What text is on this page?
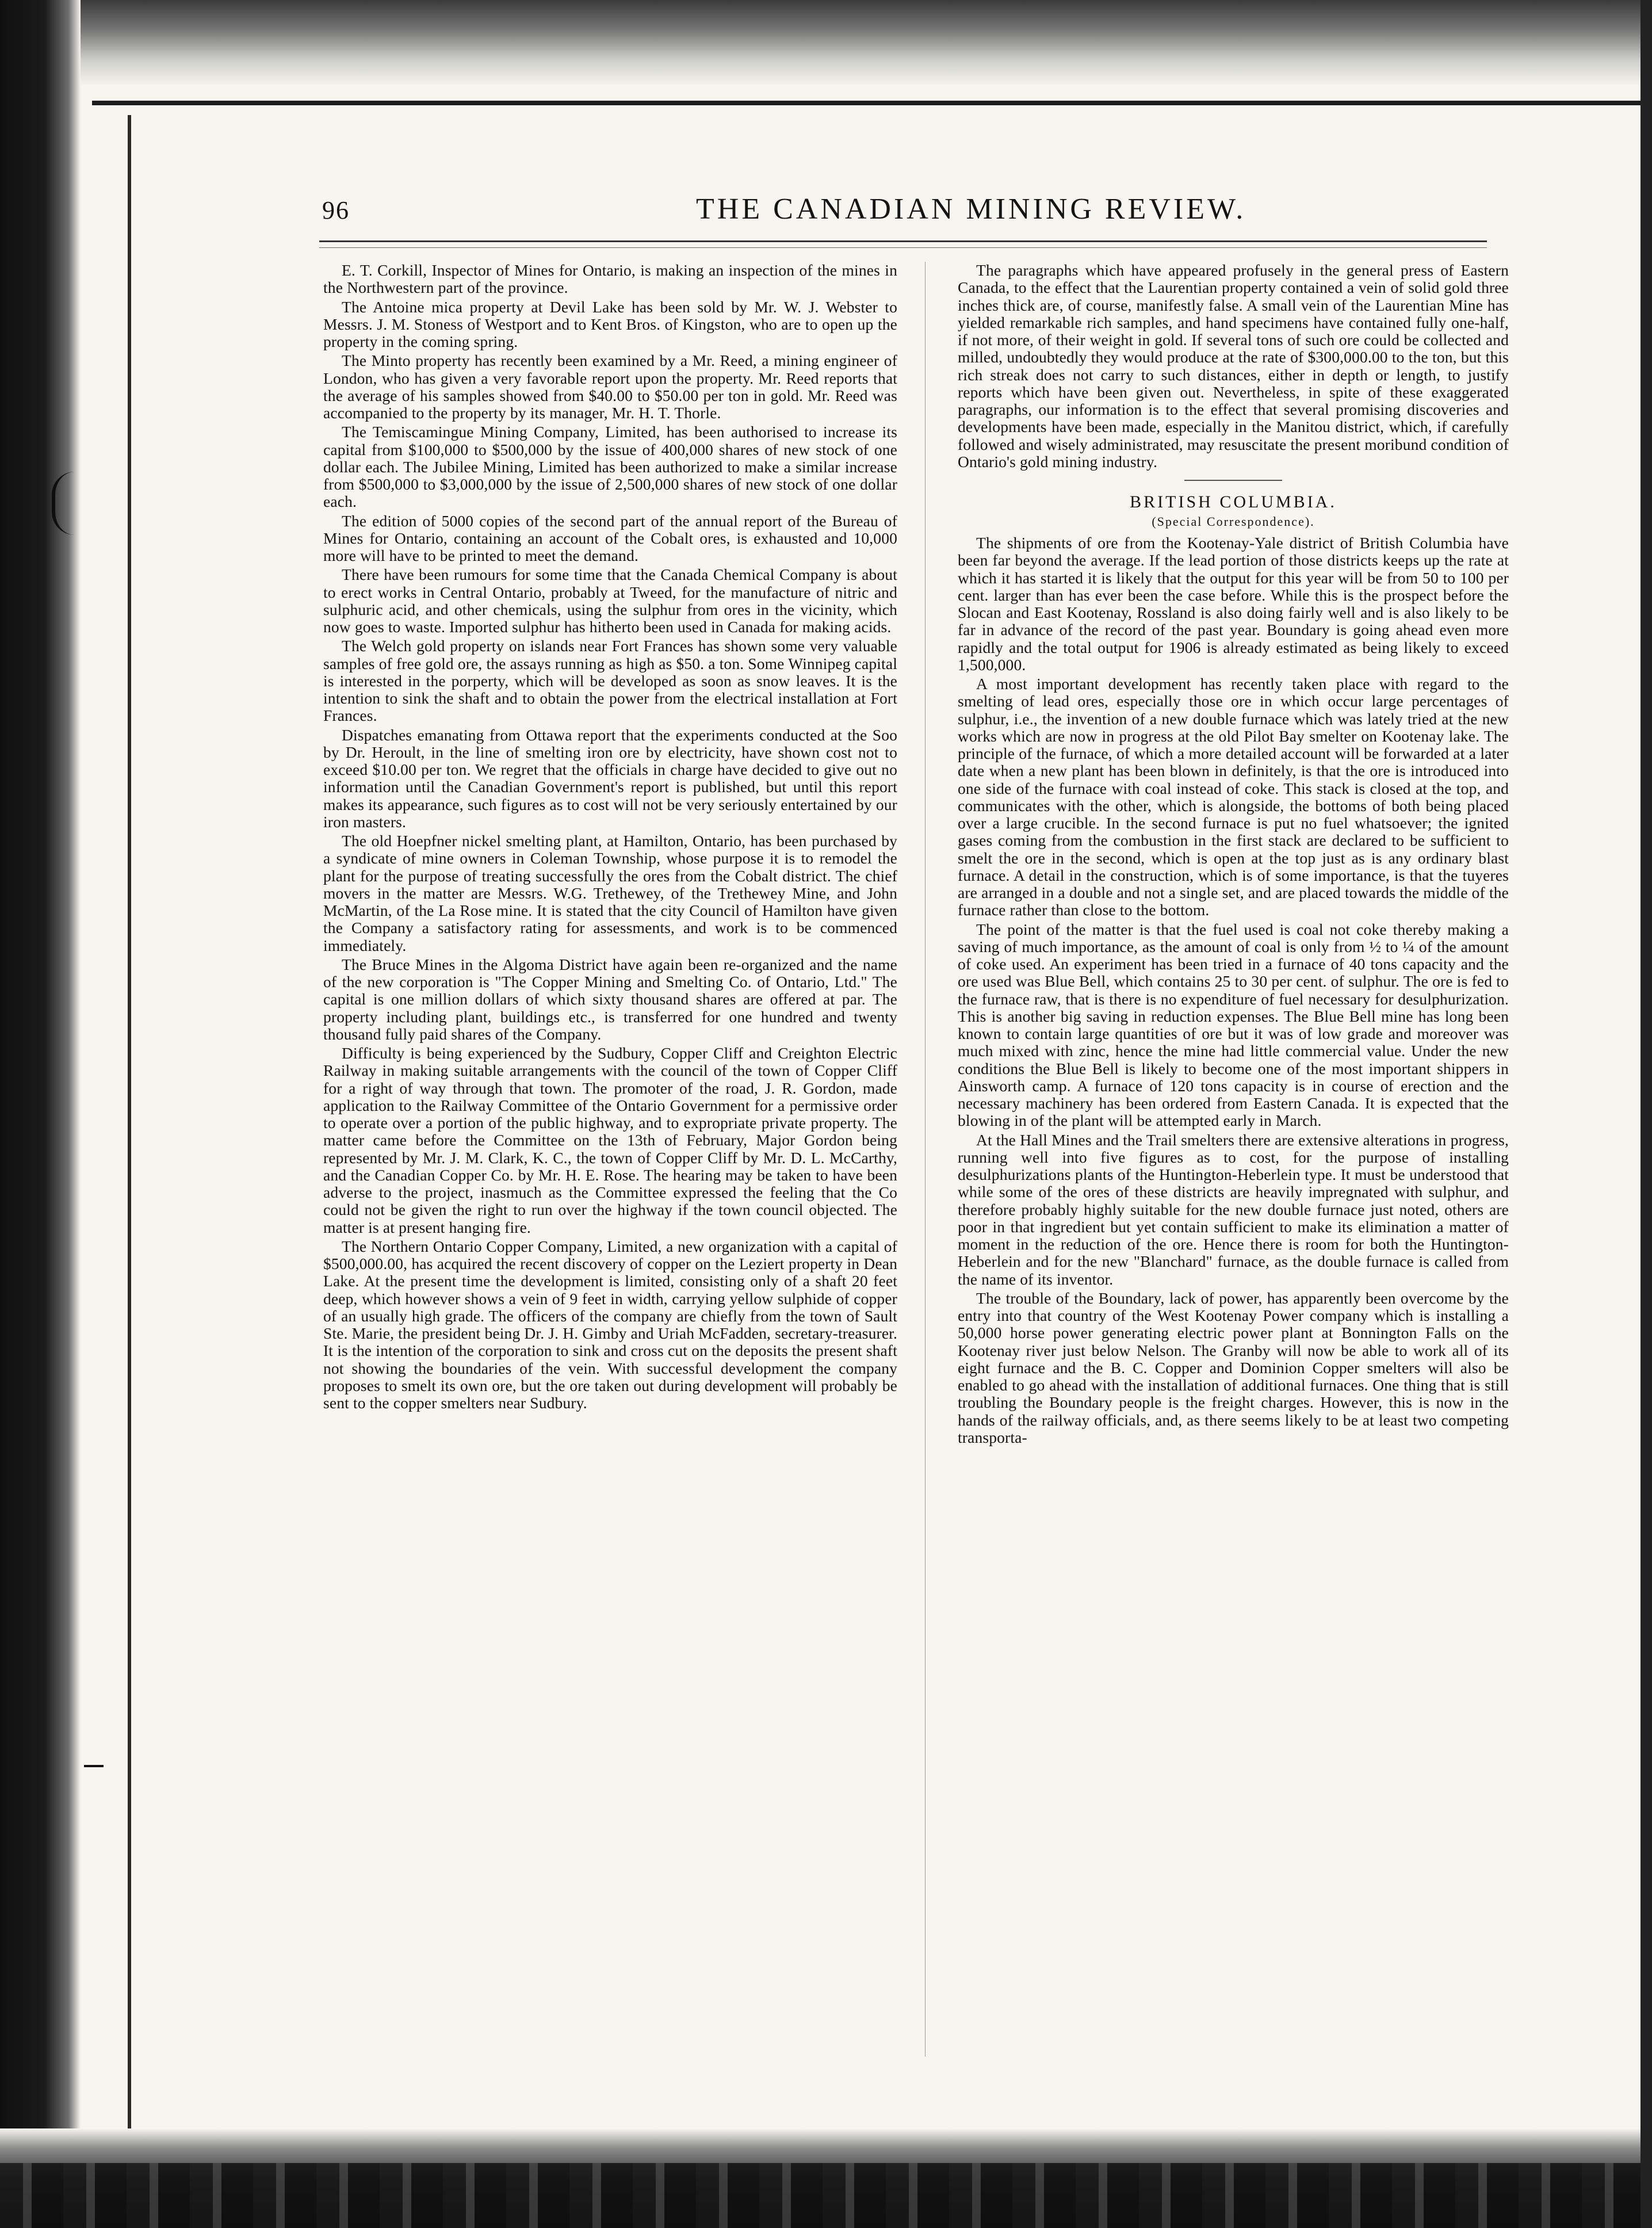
96	THE CANADIAN MINING REVIEW.

E. T. Corkill, Inspector of Mines for Ontario, is making an inspection of the mines in the Northwestern part of the province.

The Antoine mica property at Devil Lake has been sold by Mr. W. J. Webster to Messrs. J. M. Stoness of Westport and to Kent Bros. of Kingston, who are to open up the property in the coming spring.

The Minto property has recently been examined by a Mr. Reed, a mining engineer of London, who has given a very favorable report upon the property. Mr. Reed reports that the average of his samples showed from $40.00 to $50.00 per ton in gold. Mr. Reed was accompanied to the property by its manager, Mr. H. T. Thorle.

The Temiscamingue Mining Company, Limited, has been authorised to increase its capital from $100,000 to $500,000 by the issue of 400,000 shares of new stock of one dollar each. The Jubilee Mining, Limited has been authorized to make a similar increase from $500,000 to $3,000,000 by the issue of 2,500,000 shares of new stock of one dollar each.

The edition of 5000 copies of the second part of the annual report of the Bureau of Mines for Ontario, containing an account of the Cobalt ores, is exhausted and 10,000 more will have to be printed to meet the demand.

There have been rumours for some time that the Canada Chemical Company is about to erect works in Central Ontario, probably at Tweed, for the manufacture of nitric and sulphuric acid, and other chemicals, using the sulphur from ores in the vicinity, which now goes to waste. Imported sulphur has hitherto been used in Canada for making acids.

The Welch gold property on islands near Fort Frances has shown some very valuable samples of free gold ore, the assays running as high as $50. a ton. Some Winnipeg capital is interested in the porperty, which will be developed as soon as snow leaves. It is the intention to sink the shaft and to obtain the power from the electrical installation at Fort Frances.

Dispatches emanating from Ottawa report that the experiments conducted at the Soo by Dr. Heroult, in the line of smelting iron ore by electricity, have shown cost not to exceed $10.00 per ton. We regret that the officials in charge have decided to give out no information until the Canadian Government's report is published, but until this report makes its appearance, such figures as to cost will not be very seriously entertained by our iron masters.

The old Hoepfner nickel smelting plant, at Hamilton, Ontario, has been purchased by a syndicate of mine owners in Coleman Township, whose purpose it is to remodel the plant for the purpose of treating successfully the ores from the Cobalt district. The chief movers in the matter are Messrs. W.G. Trethewey, of the Trethewey Mine, and John McMartin, of the La Rose mine. It is stated that the city Council of Hamilton have given the Company a satisfactory rating for assessments, and work is to be commenced immediately.

The Bruce Mines in the Algoma District have again been re-organized and the name of the new corporation is "The Copper Mining and Smelting Co. of Ontario, Ltd." The capital is one million dollars of which sixty thousand shares are offered at par. The property including plant, buildings etc., is transferred for one hundred and twenty thousand fully paid shares of the Company.

Difficulty is being experienced by the Sudbury, Copper Cliff and Creighton Electric Railway in making suitable arrangements with the council of the town of Copper Cliff for a right of way through that town. The promoter of the road, J. R. Gordon, made application to the Railway Committee of the Ontario Government for a permissive order to operate over a portion of the public highway, and to expropriate private property. The matter came before the Committee on the 13th of February, Major Gordon being represented by Mr. J. M. Clark, K. C., the town of Copper Cliff by Mr. D. L. McCarthy, and the Canadian Copper Co. by Mr. H. E. Rose. The hearing may be taken to have been adverse to the project, inasmuch as the Committee expressed the feeling that the Co could not be given the right to run over the highway if the town council objected. The matter is at present hanging fire.

The Northern Ontario Copper Company, Limited, a new organization with a capital of $500,000.00, has acquired the recent discovery of copper on the Leziert property in Dean Lake. At the present time the development is limited, consisting only of a shaft 20 feet deep, which however shows a vein of 9 feet in width, carrying yellow sulphide of copper of an usually high grade. The officers of the company are chiefly from the town of Sault Ste. Marie, the president being Dr. J. H. Gimby and Uriah McFadden, secretary-treasurer. It is the intention of the corporation to sink and cross cut on the deposits the present shaft not showing the boundaries of the vein. With successful development the company proposes to smelt its own ore, but the ore taken out during development will probably be sent to the copper smelters near Sudbury.

The paragraphs which have appeared profusely in the general press of Eastern Canada, to the effect that the Laurentian property contained a vein of solid gold three inches thick are, of course, manifestly false. A small vein of the Laurentian Mine has yielded remarkable rich samples, and hand specimens have contained fully one-half, if not more, of their weight in gold. If several tons of such ore could be collected and milled, undoubtedly they would produce at the rate of $300,000.00 to the ton, but this rich streak does not carry to such distances, either in depth or length, to justify reports which have been given out. Nevertheless, in spite of these exaggerated paragraphs, our information is to the effect that several promising discoveries and developments have been made, especially in the Manitou district, which, if carefully followed and wisely administrated, may resuscitate the present moribund condition of Ontario's gold mining industry.

BRITISH COLUMBIA.
(Special Correspondence).

The shipments of ore from the Kootenay-Yale district of British Columbia have been far beyond the average. If the lead portion of those districts keeps up the rate at which it has started it is likely that the output for this year will be from 50 to 100 per cent. larger than has ever been the case before. While this is the prospect before the Slocan and East Kootenay, Rossland is also doing fairly well and is also likely to be far in advance of the record of the past year. Boundary is going ahead even more rapidly and the total output for 1906 is already estimated as being likely to exceed 1,500,000.

A most important development has recently taken place with regard to the smelting of lead ores, especially those ore in which occur large percentages of sulphur, i.e., the invention of a new double furnace which was lately tried at the new works which are now in progress at the old Pilot Bay smelter on Kootenay lake. The principle of the furnace, of which a more detailed account will be forwarded at a later date when a new plant has been blown in definitely, is that the ore is introduced into one side of the furnace with coal instead of coke. This stack is closed at the top, and communicates with the other, which is alongside, the bottoms of both being placed over a large crucible. In the second furnace is put no fuel whatsoever; the ignited gases coming from the combustion in the first stack are declared to be sufficient to smelt the ore in the second, which is open at the top just as is any ordinary blast furnace. A detail in the construction, which is of some importance, is that the tuyeres are arranged in a double and not a single set, and are placed towards the middle of the furnace rather than close to the bottom.

The point of the matter is that the fuel used is coal not coke thereby making a saving of much importance, as the amount of coal is only from ½ to ¼ of the amount of coke used. An experiment has been tried in a furnace of 40 tons capacity and the ore used was Blue Bell, which contains 25 to 30 per cent. of sulphur. The ore is fed to the furnace raw, that is there is no expenditure of fuel necessary for desulphurization. This is another big saving in reduction expenses. The Blue Bell mine has long been known to contain large quantities of ore but it was of low grade and moreover was much mixed with zinc, hence the mine had little commercial value. Under the new conditions the Blue Bell is likely to become one of the most important shippers in Ainsworth camp. A furnace of 120 tons capacity is in course of erection and the necessary machinery has been ordered from Eastern Canada. It is expected that the blowing in of the plant will be attempted early in March.

At the Hall Mines and the Trail smelters there are extensive alterations in progress, running well into five figures as to cost, for the purpose of installing desulphurizations plants of the Huntington-Heberlein type. It must be understood that while some of the ores of these districts are heavily impregnated with sulphur, and therefore probably highly suitable for the new double furnace just noted, others are poor in that ingredient but yet contain sufficient to make its elimination a matter of moment in the reduction of the ore. Hence there is room for both the Huntington-Heberlein and for the new "Blanchard" furnace, as the double furnace is called from the name of its inventor.

The trouble of the Boundary, lack of power, has apparently been overcome by the entry into that country of the West Kootenay Power company which is installing a 50,000 horse power generating electric power plant at Bonnington Falls on the Kootenay river just below Nelson. The Granby will now be able to work all of its eight furnace and the B. C. Copper and Dominion Copper smelters will also be enabled to go ahead with the installation of additional furnaces. One thing that is still troubling the Boundary people is the freight charges. However, this is now in the hands of the railway officials, and, as there seems likely to be at least two competing transporta-
